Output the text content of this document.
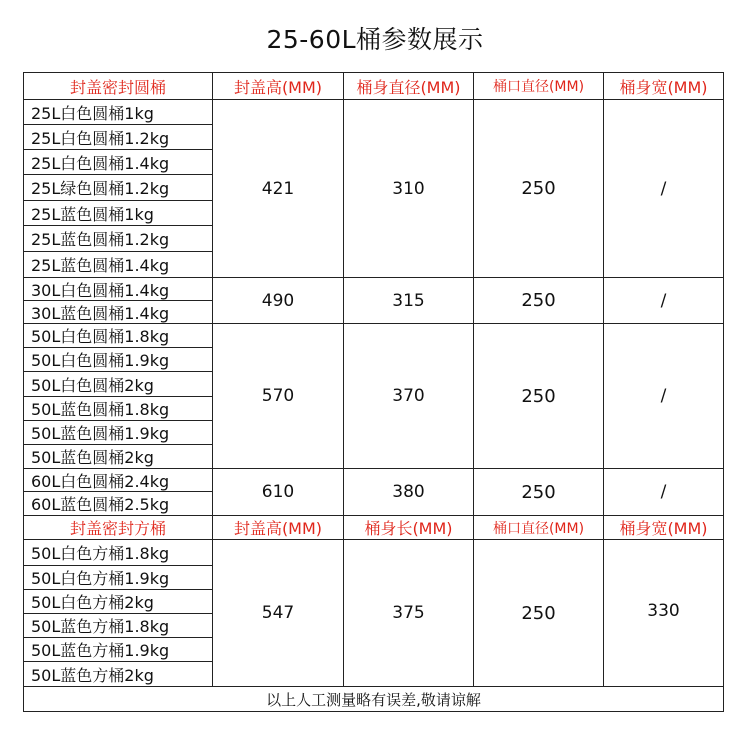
25-60L桶参数展示
封盖密封圆桶	封盖高(MM)	桶身直径(MM)	桶口直径(MM)	桶身宽(MM)
25L白色圆桶1kg
25L白色圆桶1.2kg
25L白色圆桶1.4kg
25L绿色圆桶1.2kg
25L蓝色圆桶1kg
25L蓝色圆桶1.2kg
25L蓝色圆桶1.4kg
421	310	250	/
30L白色圆桶1.4kg
30L蓝色圆桶1.4kg
490	315	250	/
50L白色圆桶1.8kg
50L白色圆桶1.9kg
50L白色圆桶2kg
50L蓝色圆桶1.8kg
50L蓝色圆桶1.9kg
50L蓝色圆桶2kg
570	370	250	/
60L白色圆桶2.4kg
60L蓝色圆桶2.5kg
610	380	250	/
封盖密封方桶	封盖高(MM)	桶身长(MM)	桶口直径(MM)	桶身宽(MM)
50L白色方桶1.8kg
50L白色方桶1.9kg
50L白色方桶2kg
50L蓝色方桶1.8kg
50L蓝色方桶1.9kg
50L蓝色方桶2kg
547	375	250	330
以上人工测量略有误差,敬请谅解
